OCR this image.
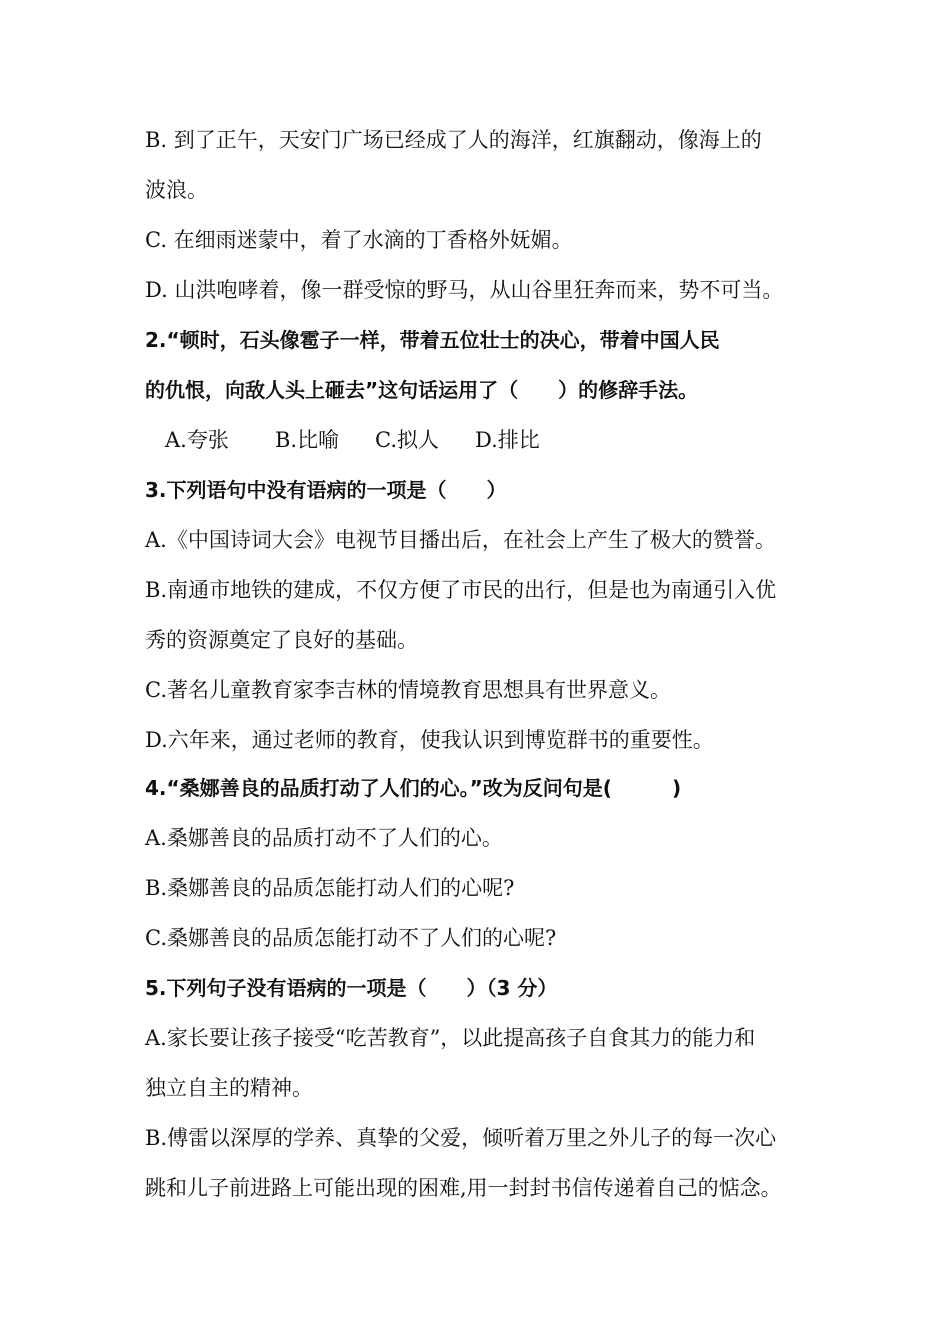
B. 到了正午，天安门广场已经成了人的海洋，红旗翻动，像海上的
波浪。
C. 在细雨迷蒙中，着了水滴的丁香格外妩媚。
D. 山洪咆哮着，像一群受惊的野马，从山谷里狂奔而来，势不可当。
2.“顿时，石头像雹子一样，带着五位壮士的决心，带着中国人民
的仇恨，向敌人头上砸去”这句话运用了（　　）的修辞手法。
A.夸张 B.比喻 C.拟人 D.排比
3.下列语句中没有语病的一项是（　　）
A.《中国诗词大会》电视节目播出后，在社会上产生了极大的赞誉。
B.南通市地铁的建成，不仅方便了市民的出行，但是也为南通引入优
秀的资源奠定了良好的基础。
C.著名儿童教育家李吉林的情境教育思想具有世界意义。
D.六年来，通过老师的教育，使我认识到博览群书的重要性。
4.“桑娜善良的品质打动了人们的心。”改为反问句是(　　　)
A.桑娜善良的品质打动不了人们的心。
B.桑娜善良的品质怎能打动人们的心呢?
C.桑娜善良的品质怎能打动不了人们的心呢?
5.下列句子没有语病的一项是（　　）（3 分）
A.家长要让孩子接受“吃苦教育”，以此提高孩子自食其力的能力和
独立自主的精神。
B.傅雷以深厚的学养、真挚的父爱，倾听着万里之外儿子的每一次心
跳和儿子前进路上可能出现的困难,用一封封书信传递着自己的惦念。
